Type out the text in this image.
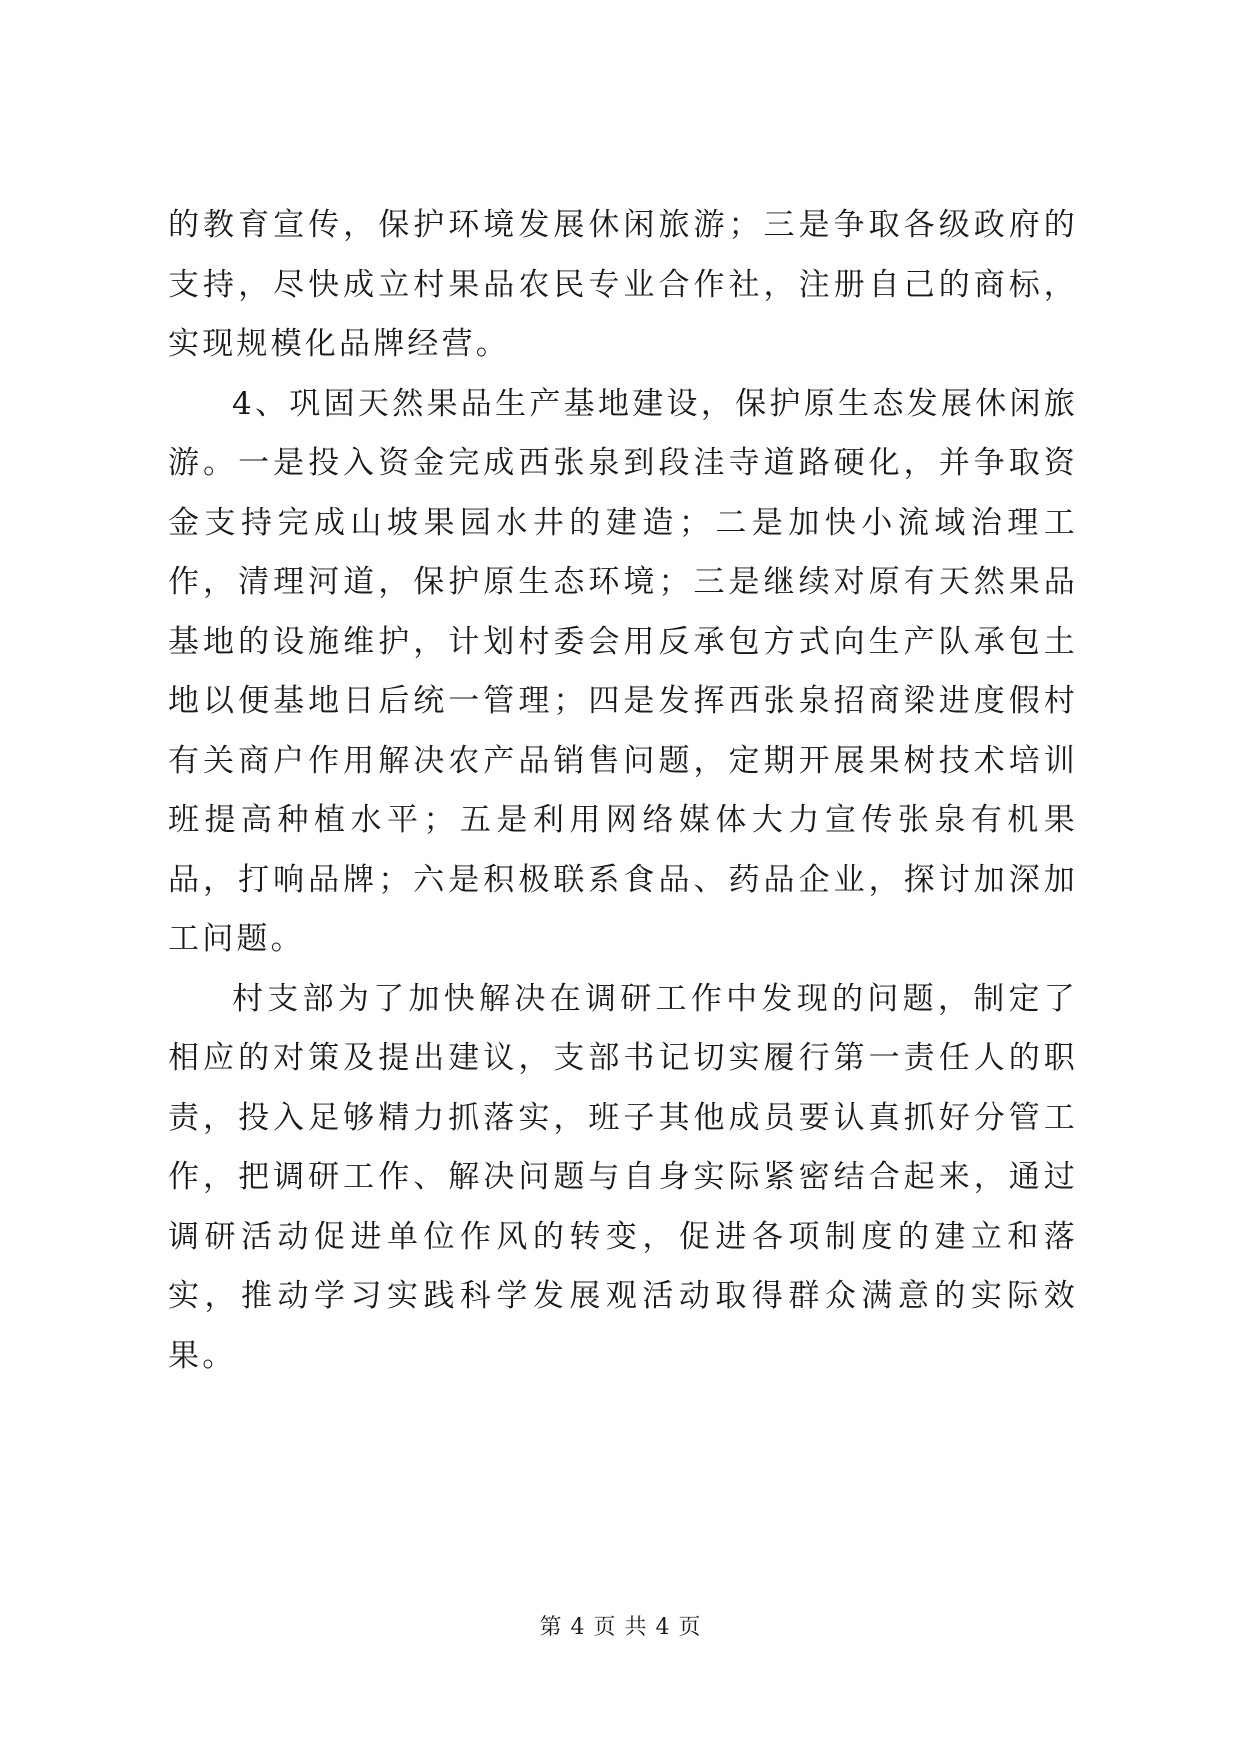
的教育宣传，保护环境发展休闲旅游；三是争取各级政府的支持，尽快成立村果品农民专业合作社，注册自己的商标，实现规模化品牌经营。

4、巩固天然果品生产基地建设，保护原生态发展休闲旅游。一是投入资金完成西张泉到段洼寺道路硬化，并争取资金支持完成山坡果园水井的建造；二是加快小流域治理工作，清理河道，保护原生态环境；三是继续对原有天然果品基地的设施维护，计划村委会用反承包方式向生产队承包土地以便基地日后统一管理；四是发挥西张泉招商梁进度假村有关商户作用解决农产品销售问题，定期开展果树技术培训班提高种植水平；五是利用网络媒体大力宣传张泉有机果品，打响品牌；六是积极联系食品、药品企业，探讨加深加工问题。

村支部为了加快解决在调研工作中发现的问题，制定了相应的对策及提出建议，支部书记切实履行第一责任人的职责，投入足够精力抓落实，班子其他成员要认真抓好分管工作，把调研工作、解决问题与自身实际紧密结合起来，通过调研活动促进单位作风的转变，促进各项制度的建立和落实，推动学习实践科学发展观活动取得群众满意的实际效果。

第 4 页 共 4 页
